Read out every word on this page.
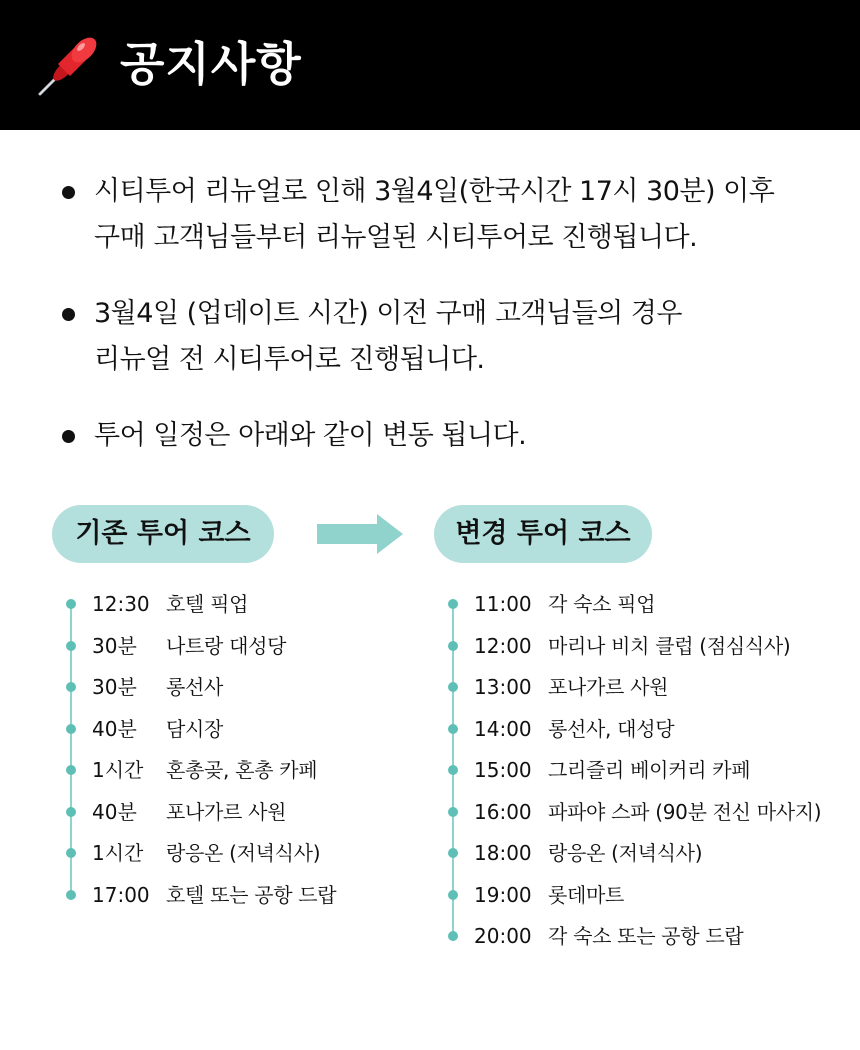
공지사항
시티투어 리뉴얼로 인해 3월4일(한국시간 17시 30분) 이후
구매 고객님들부터 리뉴얼된 시티투어로 진행됩니다.
3월4일 (업데이트 시간) 이전 구매 고객님들의 경우
리뉴얼 전 시티투어로 진행됩니다.
투어 일정은 아래와 같이 변동 됩니다.
기존 투어 코스	변경 투어 코스
12:30 호텔 픽업
30분 나트랑 대성당
30분 롱선사
40분 담시장
1시간 혼총곶, 혼총 카페
40분 포나가르 사원
1시간 랑응온 (저녁식사)
17:00 호텔 또는 공항 드랍
11:00 각 숙소 픽업
12:00 마리나 비치 클럽 (점심식사)
13:00 포나가르 사원
14:00 롱선사, 대성당
15:00 그리즐리 베이커리 카페
16:00 파파야 스파 (90분 전신 마사지)
18:00 랑응온 (저녁식사)
19:00 롯데마트
20:00 각 숙소 또는 공항 드랍
